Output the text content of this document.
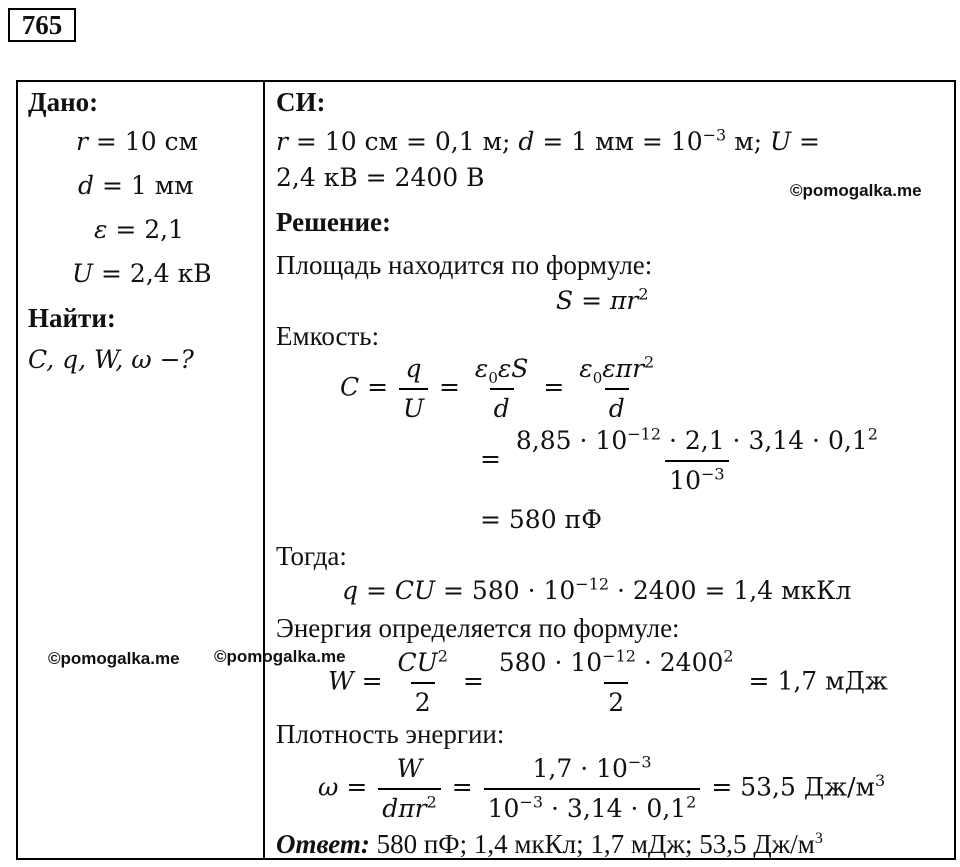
765
Дано:
r = 10 см
d = 1 мм
ε = 2,1
U = 2,4 кВ
Найти:
C, q, W, ω −?
СИ:
r = 10 см = 0,1 м; d = 1 мм = $10^{-3}$ м; U =
2,4 кВ = 2400 В
Решение:
Площадь находится по формуле:
$S = \pi r^2$
Емкость:
$C = \frac{q}{U} = \frac{\varepsilon_0\varepsilon S}{d} = \frac{\varepsilon_0\varepsilon\pi r^2}{d}$
= $\frac{8,85 \cdot 10^{-12} \cdot 2,1 \cdot 3,14 \cdot 0,1^2}{10^{-3}}$
= 580 пФ
Тогда:
q = CU = $580 \cdot 10^{-12} \cdot 2400 = 1,4$ мкКл
Энергия определяется по формуле:
$W = \frac{CU^2}{2} = \frac{580 \cdot 10^{-12} \cdot 2400^2}{2} = 1,7$ мДж
Плотность энергии:
$\omega = \frac{W}{d\pi r^2} = \frac{1,7 \cdot 10^{-3}}{10^{-3} \cdot 3,14 \cdot 0,1^2} = 53,5$ $Дж/м^3$
Ответ: 580 пФ; 1,4 мкКл; 1,7 мДж; 53,5 $Дж/м^3$
©pomogalka.me
©pomogalka.me ©pomogalka.me
